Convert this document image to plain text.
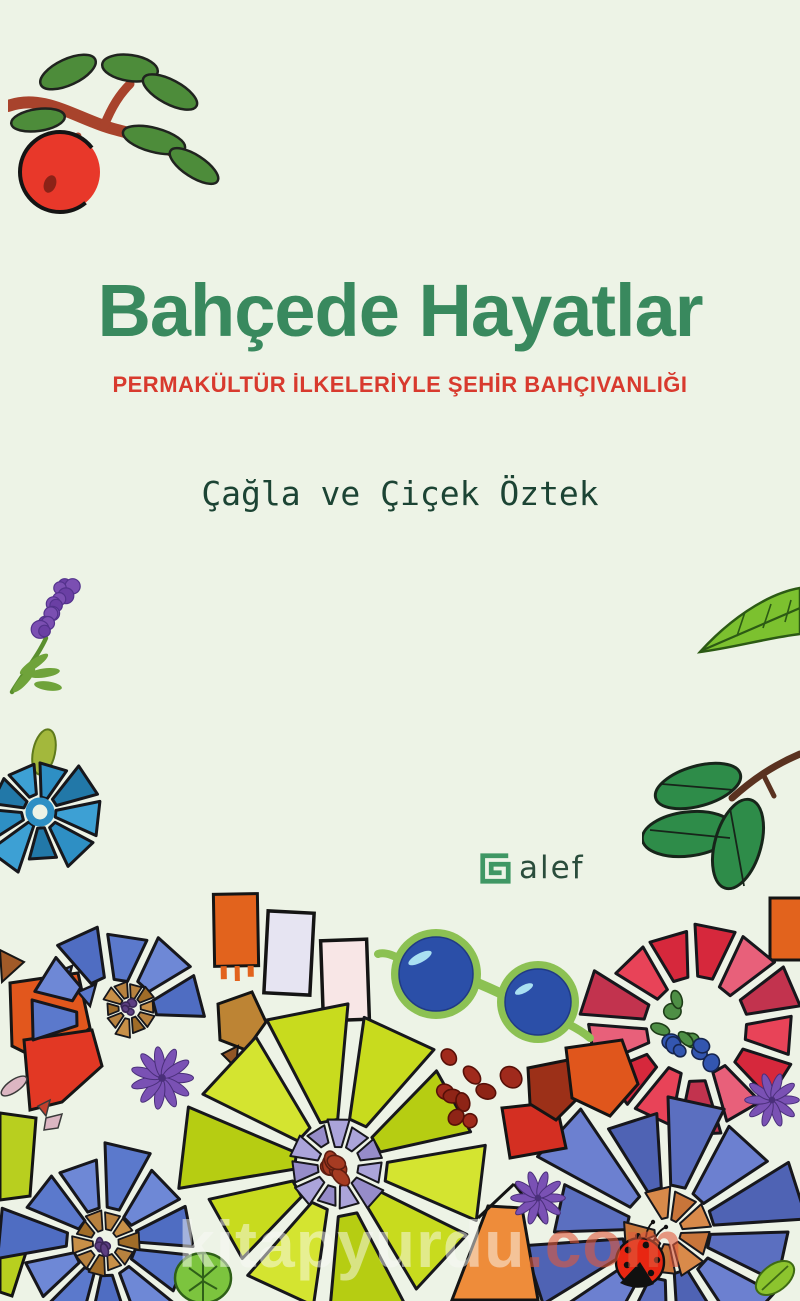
Bahçede Hayatlar
PERMAKÜLTÜR İLKELERİYLE ŞEHİR BAHÇIVANLIĞI
Çağla ve Çiçek Öztek
alef
kitapyurdu.com
